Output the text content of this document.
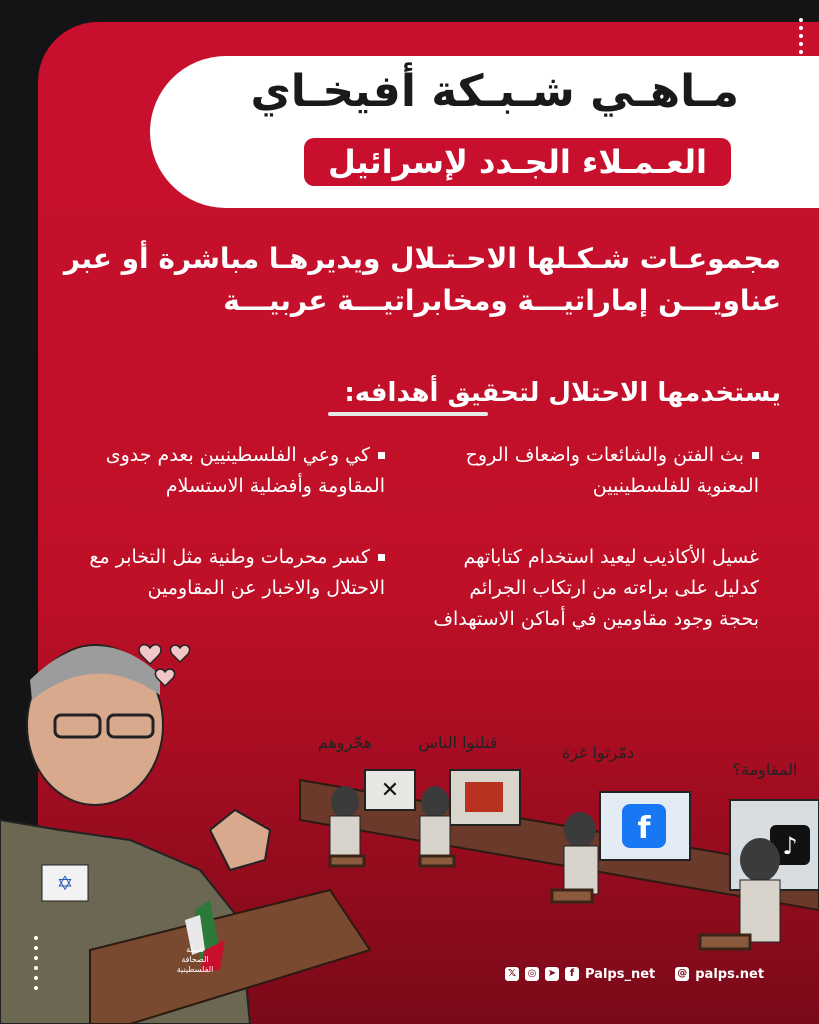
مـاهـي شـبـكة أفيخـاي
العـمـلاء الجـدد لإسرائيل
مجموعـات شـكـلها الاحـتـلال ويديرهـا مباشرة أو عبر عناويـــن إماراتيـــة ومخابراتيـــة عربيـــة
يستخدمها الاحتلال لتحقيق أهدافه:
بث الفتن والشائعات واضعاف الروح المعنوية للفلسطينيين
كي وعي الفلسطينيين بعدم جدوى المقاومة وأفضلية الاستسلام
غسيل الأكاذيب ليعيد استخدام كتاباتهم كدليل على براءته من ارتكاب الجرائم بحجة وجود مقاومين في أماكن الاستهداف
كسر محرمات وطنية مثل التخابر مع الاحتلال والاخبار عن المقاومين
✕
f	♪
هجّروهم	قتلتوا الناس
دمّرتوا غزة
المقاومة؟
✡
شبكة الصحافة الفلسطينية	𝕏 ◎ ➤	f Palps_net @ palps.net
